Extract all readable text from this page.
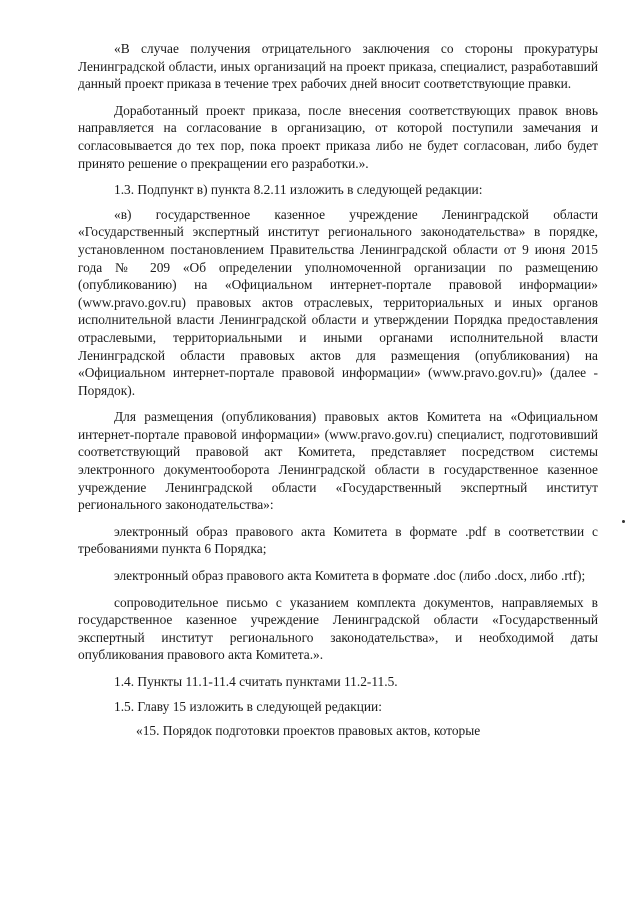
«В случае получения отрицательного заключения со стороны прокуратуры Ленинградской области, иных организаций на проект приказа, специалист, разработавший данный проект приказа в течение трех рабочих дней вносит соответствующие правки.

Доработанный проект приказа, после внесения соответствующих правок вновь направляется на согласование в организацию, от которой поступили замечания и согласовывается до тех пор, пока проект приказа либо не будет согласован, либо будет принято решение о прекращении его разработки.».

1.3. Подпункт в) пункта 8.2.11 изложить в следующей редакции:

«в) государственное казенное учреждение Ленинградской области «Государственный экспертный институт регионального законодательства» в порядке, установленном постановлением Правительства Ленинградской области от 9 июня 2015 года № 209 «Об определении уполномоченной организации по размещению (опубликованию) на «Официальном интернет-портале правовой информации» (www.pravo.gov.ru) правовых актов отраслевых, территориальных и иных органов исполнительной власти Ленинградской области и утверждении Порядка предоставления отраслевыми, территориальными и иными органами исполнительной власти Ленинградской области правовых актов для размещения (опубликования) на «Официальном интернет-портале правовой информации» (www.pravo.gov.ru)» (далее - Порядок).

Для размещения (опубликования) правовых актов Комитета на «Официальном интернет-портале правовой информации» (www.pravo.gov.ru) специалист, подготовивший соответствующий правовой акт Комитета, представляет посредством системы электронного документооборота Ленинградской области в государственное казенное учреждение Ленинградской области «Государственный экспертный институт регионального законодательства»:

электронный образ правового акта Комитета в формате .pdf в соответствии с требованиями пункта 6 Порядка;

электронный образ правового акта Комитета в формате .doc (либо .docx, либо .rtf);

сопроводительное письмо с указанием комплекта документов, направляемых в государственное казенное учреждение Ленинградской области «Государственный экспертный институт регионального законодательства», и необходимой даты опубликования правового акта Комитета.».

1.4. Пункты 11.1-11.4 считать пунктами 11.2-11.5.

1.5. Главу 15 изложить в следующей редакции:

«15. Порядок подготовки проектов правовых актов, которые
